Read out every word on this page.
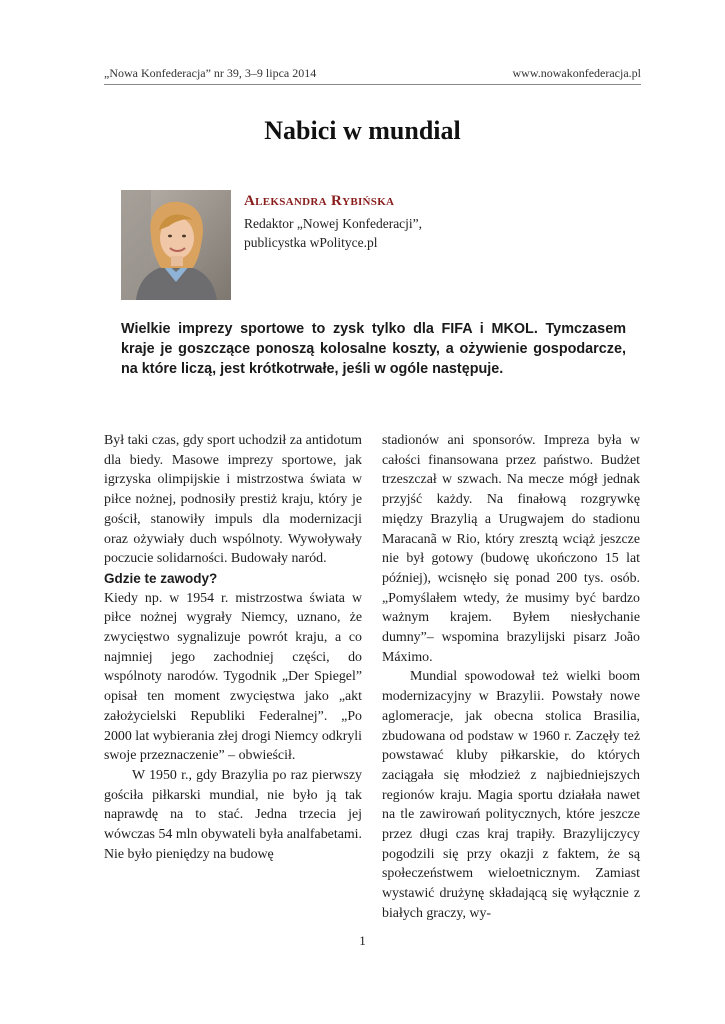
„Nowa Konfederacja” nr 39, 3–9 lipca 2014	www.nowakonfederacja.pl
Nabici w mundial
Aleksandra Rybińska
Redaktor „Nowej Konfederacji”,
publicystka wPolityce.pl
Wielkie imprezy sportowe to zysk tylko dla FIFA i MKOL. Tymczasem kraje je goszczące ponoszą kolosalne koszty, a ożywienie gospodarcze, na które liczą, jest krótkotrwałe, jeśli w ogóle następuje.

Był taki czas, gdy sport uchodził za antidotum dla biedy. Masowe imprezy sportowe, jak igrzyska olimpijskie i mistrzostwa świata w piłce nożnej, podnosiły prestiż kraju, który je gościł, stanowiły impuls dla modernizacji oraz ożywiały duch wspólnoty. Wywoływały poczucie solidarności. Budowały naród.

Gdzie te zawody?

Kiedy np. w 1954 r. mistrzostwa świata w piłce nożnej wygrały Niemcy, uznano, że zwycięstwo sygnalizuje powrót kraju, a co najmniej jego zachodniej części, do wspólnoty narodów. Tygodnik „Der Spiegel” opisał ten moment zwycięstwa jako „akt założycielski Republiki Federalnej”. „Po 2000 lat wybierania złej drogi Niemcy odkryli swoje przeznaczenie” – obwieścił.

W 1950 r., gdy Brazylia po raz pierwszy gościła piłkarski mundial, nie było ją tak naprawdę na to stać. Jedna trzecia jej wówczas 54 mln obywateli była analfabetami. Nie było pieniędzy na budowę

stadionów ani sponsorów. Impreza była w całości finansowana przez państwo. Budżet trzeszczał w szwach. Na mecze mógł jednak przyjść każdy. Na finałową rozgrywkę między Brazylią a Urugwajem do stadionu Maracanã w Rio, który zresztą wciąż jeszcze nie był gotowy (budowę ukończono 15 lat później), wcisnęło się ponad 200 tys. osób. „Pomyślałem wtedy, że musimy być bardzo ważnym krajem. Byłem niesłychanie dumny”– wspomina brazylijski pisarz João Máximo.

Mundial spowodował też wielki boom modernizacyjny w Brazylii. Powstały nowe aglomeracje, jak obecna stolica Brasilia, zbudowana od podstaw w 1960 r. Zaczęły też powstawać kluby piłkarskie, do których zaciągała się młodzież z najbiedniejszych regionów kraju. Magia sportu działała nawet na tle zawirowań politycznych, które jeszcze przez długi czas kraj trapiły. Brazylijczycy pogodzili się przy okazji z faktem, że są społeczeństwem wieloetnicznym. Zamiast wystawić drużynę składającą się wyłącznie z białych graczy, wy-

1
